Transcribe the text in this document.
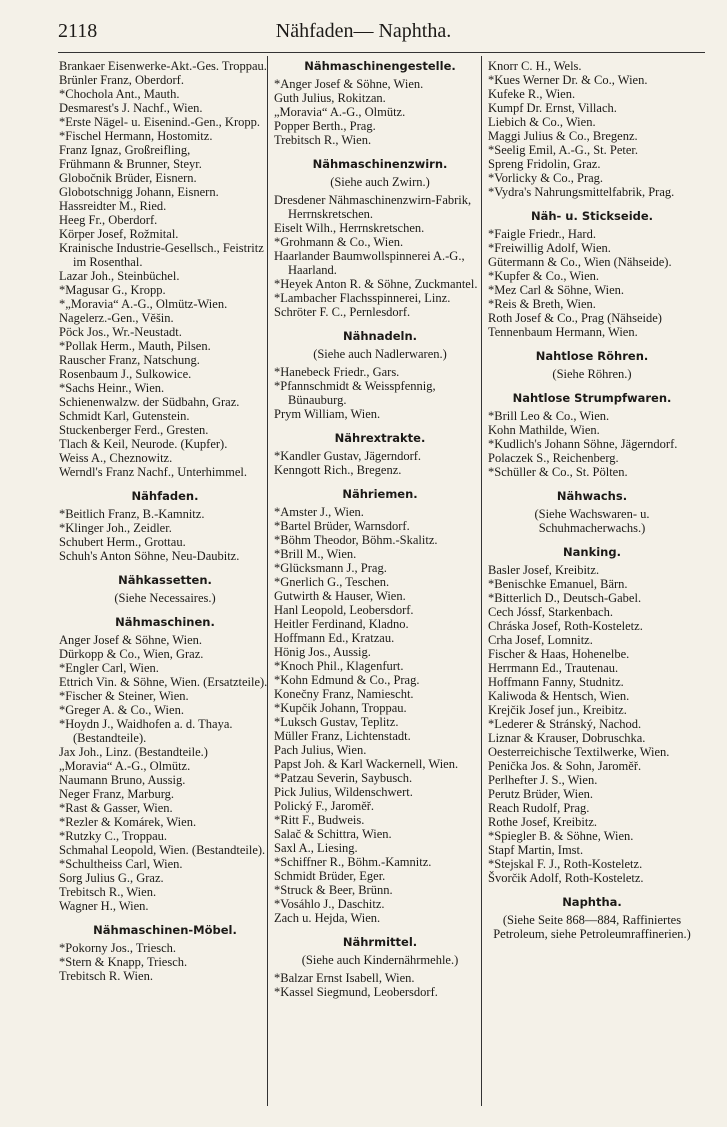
2118	Nähfaden— Naphtha.

Brankaer Eisenwerke-Akt.-Ges. Troppau.

Brünler Franz, Oberdorf.

*Chochola Ant., Mauth.

Desmarest's J. Nachf., Wien.

*Erste Nägel- u. Eisenind.-Gen., Kropp.

*Fischel Hermann, Hostomitz.

Franz Ignaz, Großreifling,

Frühmann & Brunner, Steyr.

Globočnik Brüder, Eisnern.

Globotschnigg Johann, Eisnern.

Hassreidter M., Ried.

Heeg Fr., Oberdorf.

Körper Josef, Rožmital.

Krainische Industrie-Gesellsch., Feistritz im Rosenthal.

Lazar Joh., Steinbüchel.

*Magusar G., Kropp.

*„Moravia“ A.-G., Olmütz-Wien.

Nagelerz.-Gen., Věšin.

Pöck Jos., Wr.-Neustadt.

*Pollak Herm., Mauth, Pilsen.

Rauscher Franz, Natschung.

Rosenbaum J., Sulkowice.

*Sachs Heinr., Wien.

Schienenwalzw. der Südbahn, Graz.

Schmidt Karl, Gutenstein.

Stuckenberger Ferd., Gresten.

Tlach & Keil, Neurode. (Kupfer).

Weiss A., Cheznowitz.

Werndl's Franz Nachf., Unterhimmel.

Nähfaden.

*Beitlich Franz, B.-Kamnitz.

*Klinger Joh., Zeidler.

Schubert Herm., Grottau.

Schuh's Anton Söhne, Neu-Daubitz.

Nähkassetten.
(Siehe Necessaires.)
Nähmaschinen.

Anger Josef & Söhne, Wien.

Dürkopp & Co., Wien, Graz.

*Engler Carl, Wien.

Ettrich Vin. & Söhne, Wien. (Ersatzteile).

*Fischer & Steiner, Wien.

*Greger A. & Co., Wien.

*Hoydn J., Waidhofen a. d. Thaya. (Bestandteile).

Jax Joh., Linz. (Bestandteile.)

„Moravia“ A.-G., Olmütz.

Naumann Bruno, Aussig.

Neger Franz, Marburg.

*Rast & Gasser, Wien.

*Rezler & Komárek, Wien.

*Rutzky C., Troppau.

Schmahal Leopold, Wien. (Bestandteile).

*Schultheiss Carl, Wien.

Sorg Julius G., Graz.

Trebitsch R., Wien.

Wagner H., Wien.

Nähmaschinen-Möbel.

*Pokorny Jos., Triesch.

*Stern & Knapp, Triesch.

Trebitsch R. Wien.

Nähmaschinengestelle.

*Anger Josef & Söhne, Wien.

Guth Julius, Rokitzan.

„Moravia“ A.-G., Olmütz.

Popper Berth., Prag.

Trebitsch R., Wien.

Nähmaschinenzwirn.
(Siehe auch Zwirn.)

Dresdener Nähmaschinenzwirn-Fabrik, Herrnskretschen.

Eiselt Wilh., Herrnskretschen.

*Grohmann & Co., Wien.

Haarlander Baumwollspinnerei A.-G., Haarland.

*Heyek Anton R. & Söhne, Zuckmantel.

*Lambacher Flachsspinnerei, Linz.

Schröter F. C., Pernlesdorf.

Nähnadeln.
(Siehe auch Nadlerwaren.)

*Hanebeck Friedr., Gars.

*Pfannschmidt & Weisspfennig, Bünauburg.

Prym William, Wien.

Nährextrakte.

*Kandler Gustav, Jägerndorf.

Kenngott Rich., Bregenz.

Nähriemen.

*Amster J., Wien.

*Bartel Brüder, Warnsdorf.

*Böhm Theodor, Böhm.-Skalitz.

*Brill M., Wien.

*Glücksmann J., Prag.

*Gnerlich G., Teschen.

Gutwirth & Hauser, Wien.

Hanl Leopold, Leobersdorf.

Heitler Ferdinand, Kladno.

Hoffmann Ed., Kratzau.

Hönig Jos., Aussig.

*Knoch Phil., Klagenfurt.

*Kohn Edmund & Co., Prag.

Konečny Franz, Namiescht.

*Kupčik Johann, Troppau.

*Luksch Gustav, Teplitz.

Müller Franz, Lichtenstadt.

Pach Julius, Wien.

Papst Joh. & Karl Wackernell, Wien.

*Patzau Severin, Saybusch.

Pick Julius, Wildenschwert.

Polický F., Jaroměř.

*Ritt F., Budweis.

Salač & Schittra, Wien.

Saxl A., Liesing.

*Schiffner R., Böhm.-Kamnitz.

Schmidt Brüder, Eger.

*Struck & Beer, Brünn.

*Vosáhlo J., Daschitz.

Zach u. Hejda, Wien.

Nährmittel.
(Siehe auch Kindernährmehle.)

*Balzar Ernst Isabell, Wien.

*Kassel Siegmund, Leobersdorf.

Knorr C. H., Wels.

*Kues Werner Dr. & Co., Wien.

Kufeke R., Wien.

Kumpf Dr. Ernst, Villach.

Liebich & Co., Wien.

Maggi Julius & Co., Bregenz.

*Seelig Emil, A.-G., St. Peter.

Spreng Fridolin, Graz.

*Vorlicky & Co., Prag.

*Vydra's Nahrungsmittelfabrik, Prag.

Näh- u. Stickseide.

*Faigle Friedr., Hard.

*Freiwillig Adolf, Wien.

Gütermann & Co., Wien (Nähseide).

*Kupfer & Co., Wien.

*Mez Carl & Söhne, Wien.

*Reis & Breth, Wien.

Roth Josef & Co., Prag (Nähseide)

Tennenbaum Hermann, Wien.

Nahtlose Röhren.
(Siehe Röhren.)
Nahtlose Strumpfwaren.

*Brill Leo & Co., Wien.

Kohn Mathilde, Wien.

*Kudlich's Johann Söhne, Jägerndorf.

Polaczek S., Reichenberg.

*Schüller & Co., St. Pölten.

Nähwachs.
(Siehe Wachswaren- u. Schuhmacherwachs.)
Nanking.

Basler Josef, Kreibitz.

*Benischke Emanuel, Bärn.

*Bitterlich D., Deutsch-Gabel.

Cech Jóssf, Starkenbach.

Chráska Josef, Roth-Kosteletz.

Crha Josef, Lomnitz.

Fischer & Haas, Hohenelbe.

Herrmann Ed., Trautenau.

Hoffmann Fanny, Studnitz.

Kaliwoda & Hentsch, Wien.

Krejčik Josef jun., Kreibitz.

*Lederer & Stránský, Nachod.

Liznar & Krauser, Dobruschka.

Oesterreichische Textilwerke, Wien.

Penička Jos. & Sohn, Jaroměř.

Perlhefter J. S., Wien.

Perutz Brüder, Wien.

Reach Rudolf, Prag.

Rothe Josef, Kreibitz.

*Spiegler B. & Söhne, Wien.

Stapf Martin, Imst.

*Stejskal F. J., Roth-Kosteletz.

Švorčik Adolf, Roth-Kosteletz.

Naphtha.
(Siehe Seite 868—884, Raffiniertes Petroleum, siehe Petroleumraffinerien.)
